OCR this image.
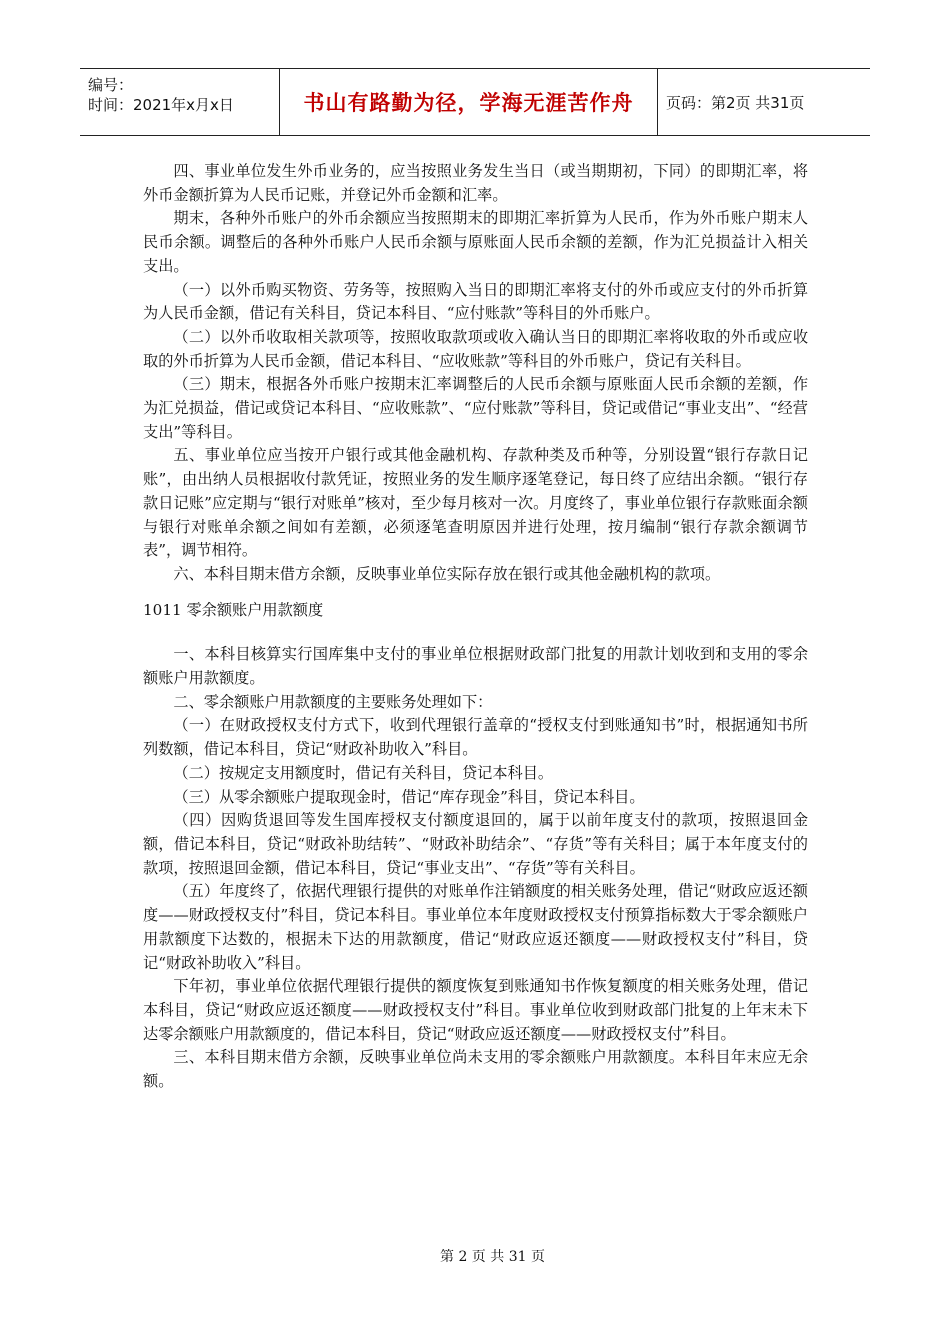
编号：
时间：2021年x月x日	书山有路勤为径，学海无涯苦作舟	页码：第2页 共31页

四、事业单位发生外币业务的，应当按照业务发生当日（或当期期初，下同）的即期汇率，将外币金额折算为人民币记账，并登记外币金额和汇率。

期末，各种外币账户的外币余额应当按照期末的即期汇率折算为人民币，作为外币账户期末人民币余额。调整后的各种外币账户人民币余额与原账面人民币余额的差额，作为汇兑损益计入相关支出。

（一）以外币购买物资、劳务等，按照购入当日的即期汇率将支付的外币或应支付的外币折算为人民币金额，借记有关科目，贷记本科目、“应付账款”等科目的外币账户。

（二）以外币收取相关款项等，按照收取款项或收入确认当日的即期汇率将收取的外币或应收取的外币折算为人民币金额，借记本科目、“应收账款”等科目的外币账户，贷记有关科目。

（三）期末，根据各外币账户按期末汇率调整后的人民币余额与原账面人民币余额的差额，作为汇兑损益，借记或贷记本科目、“应收账款”、“应付账款”等科目，贷记或借记“事业支出”、“经营支出”等科目。

五、事业单位应当按开户银行或其他金融机构、存款种类及币种等，分别设置“银行存款日记账”，由出纳人员根据收付款凭证，按照业务的发生顺序逐笔登记，每日终了应结出余额。“银行存款日记账”应定期与“银行对账单”核对，至少每月核对一次。月度终了，事业单位银行存款账面余额与银行对账单余额之间如有差额，必须逐笔查明原因并进行处理，按月编制“银行存款余额调节表”，调节相符。

六、本科目期末借方余额，反映事业单位实际存放在银行或其他金融机构的款项。

1011 零余额账户用款额度

一、本科目核算实行国库集中支付的事业单位根据财政部门批复的用款计划收到和支用的零余额账户用款额度。

二、零余额账户用款额度的主要账务处理如下：

（一）在财政授权支付方式下，收到代理银行盖章的“授权支付到账通知书”时，根据通知书所列数额，借记本科目，贷记“财政补助收入”科目。

（二）按规定支用额度时，借记有关科目，贷记本科目。

（三）从零余额账户提取现金时，借记“库存现金”科目，贷记本科目。

（四）因购货退回等发生国库授权支付额度退回的，属于以前年度支付的款项，按照退回金额，借记本科目，贷记“财政补助结转”、“财政补助结余”、“存货”等有关科目；属于本年度支付的款项，按照退回金额，借记本科目，贷记“事业支出”、“存货”等有关科目。

（五）年度终了，依据代理银行提供的对账单作注销额度的相关账务处理，借记“财政应返还额度——财政授权支付”科目，贷记本科目。事业单位本年度财政授权支付预算指标数大于零余额账户用款额度下达数的，根据未下达的用款额度，借记“财政应返还额度——财政授权支付”科目，贷记“财政补助收入”科目。

下年初，事业单位依据代理银行提供的额度恢复到账通知书作恢复额度的相关账务处理，借记本科目，贷记“财政应返还额度——财政授权支付”科目。事业单位收到财政部门批复的上年末未下达零余额账户用款额度的，借记本科目，贷记“财政应返还额度——财政授权支付”科目。

三、本科目期末借方余额，反映事业单位尚未支用的零余额账户用款额度。本科目年末应无余额。

第 2 页 共 31 页
